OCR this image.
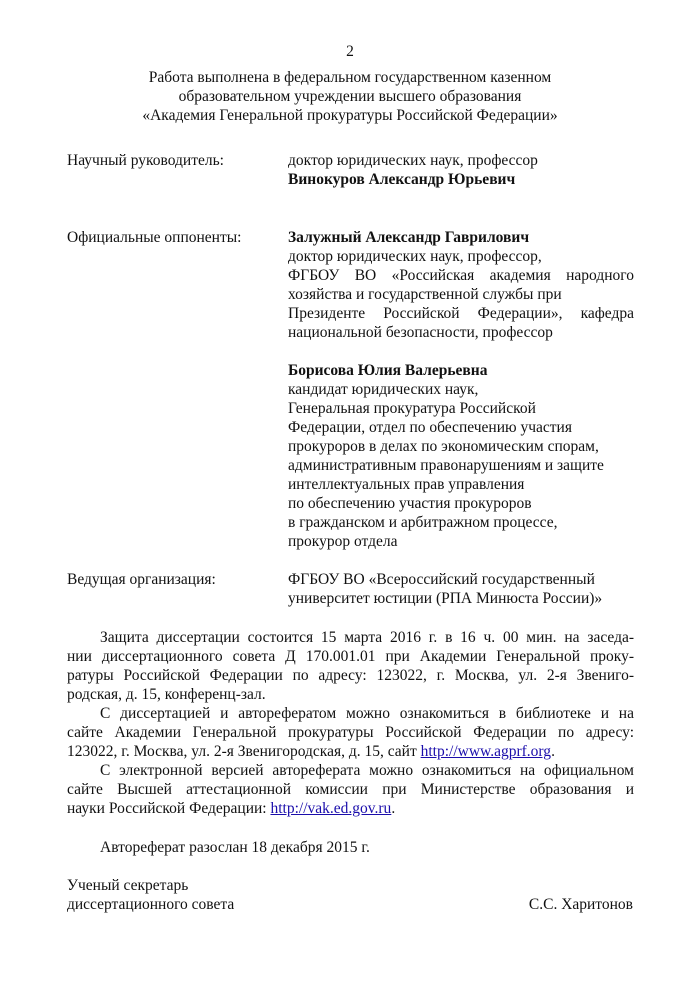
2
Работа выполнена в федеральном государственном казенном
образовательном учреждении высшего образования
«Академия Генеральной прокуратуры Российской Федерации»
Научный руководитель:	доктор юридических наук, профессор
Винокуров Александр Юрьевич
Официальные оппоненты:	Залужный Александр Гаврилович
доктор юридических наук, профессор,
ФГБОУ ВО «Российская академия народного
хозяйства и государственной службы при
Президенте Российской Федерации», кафедра
национальной безопасности, профессор
Борисова Юлия Валерьевна
кандидат юридических наук,
Генеральная прокуратура Российской
Федерации, отдел по обеспечению участия
прокуроров в делах по экономическим спорам,
административным правонарушениям и защите
интеллектуальных прав управления
по обеспечению участия прокуроров
в гражданском и арбитражном процессе,
прокурор отдела
Ведущая организация:	ФГБОУ ВО «Всероссийский государственный
университет юстиции (РПА Минюста России)»
Защита диссертации состоится 15 марта 2016 г. в 16 ч. 00 мин. на заседа-
нии диссертационного совета Д 170.001.01 при Академии Генеральной проку-
ратуры Российской Федерации по адресу: 123022, г. Москва, ул. 2-я Звениго-
родская, д. 15, конференц-зал.
С диссертацией и авторефератом можно ознакомиться в библиотеке и на
сайте Академии Генеральной прокуратуры Российской Федерации по адресу:
123022, г. Москва, ул. 2-я Звенигородская, д. 15, сайт http://www.agprf.org.
С электронной версией автореферата можно ознакомиться на официальном
сайте Высшей аттестационной комиссии при Министерстве образования и
науки Российской Федерации: http://vak.ed.gov.ru.
Автореферат разослан 18 декабря 2015 г.
Ученый секретарь
диссертационного совета	С.С. Харитонов
